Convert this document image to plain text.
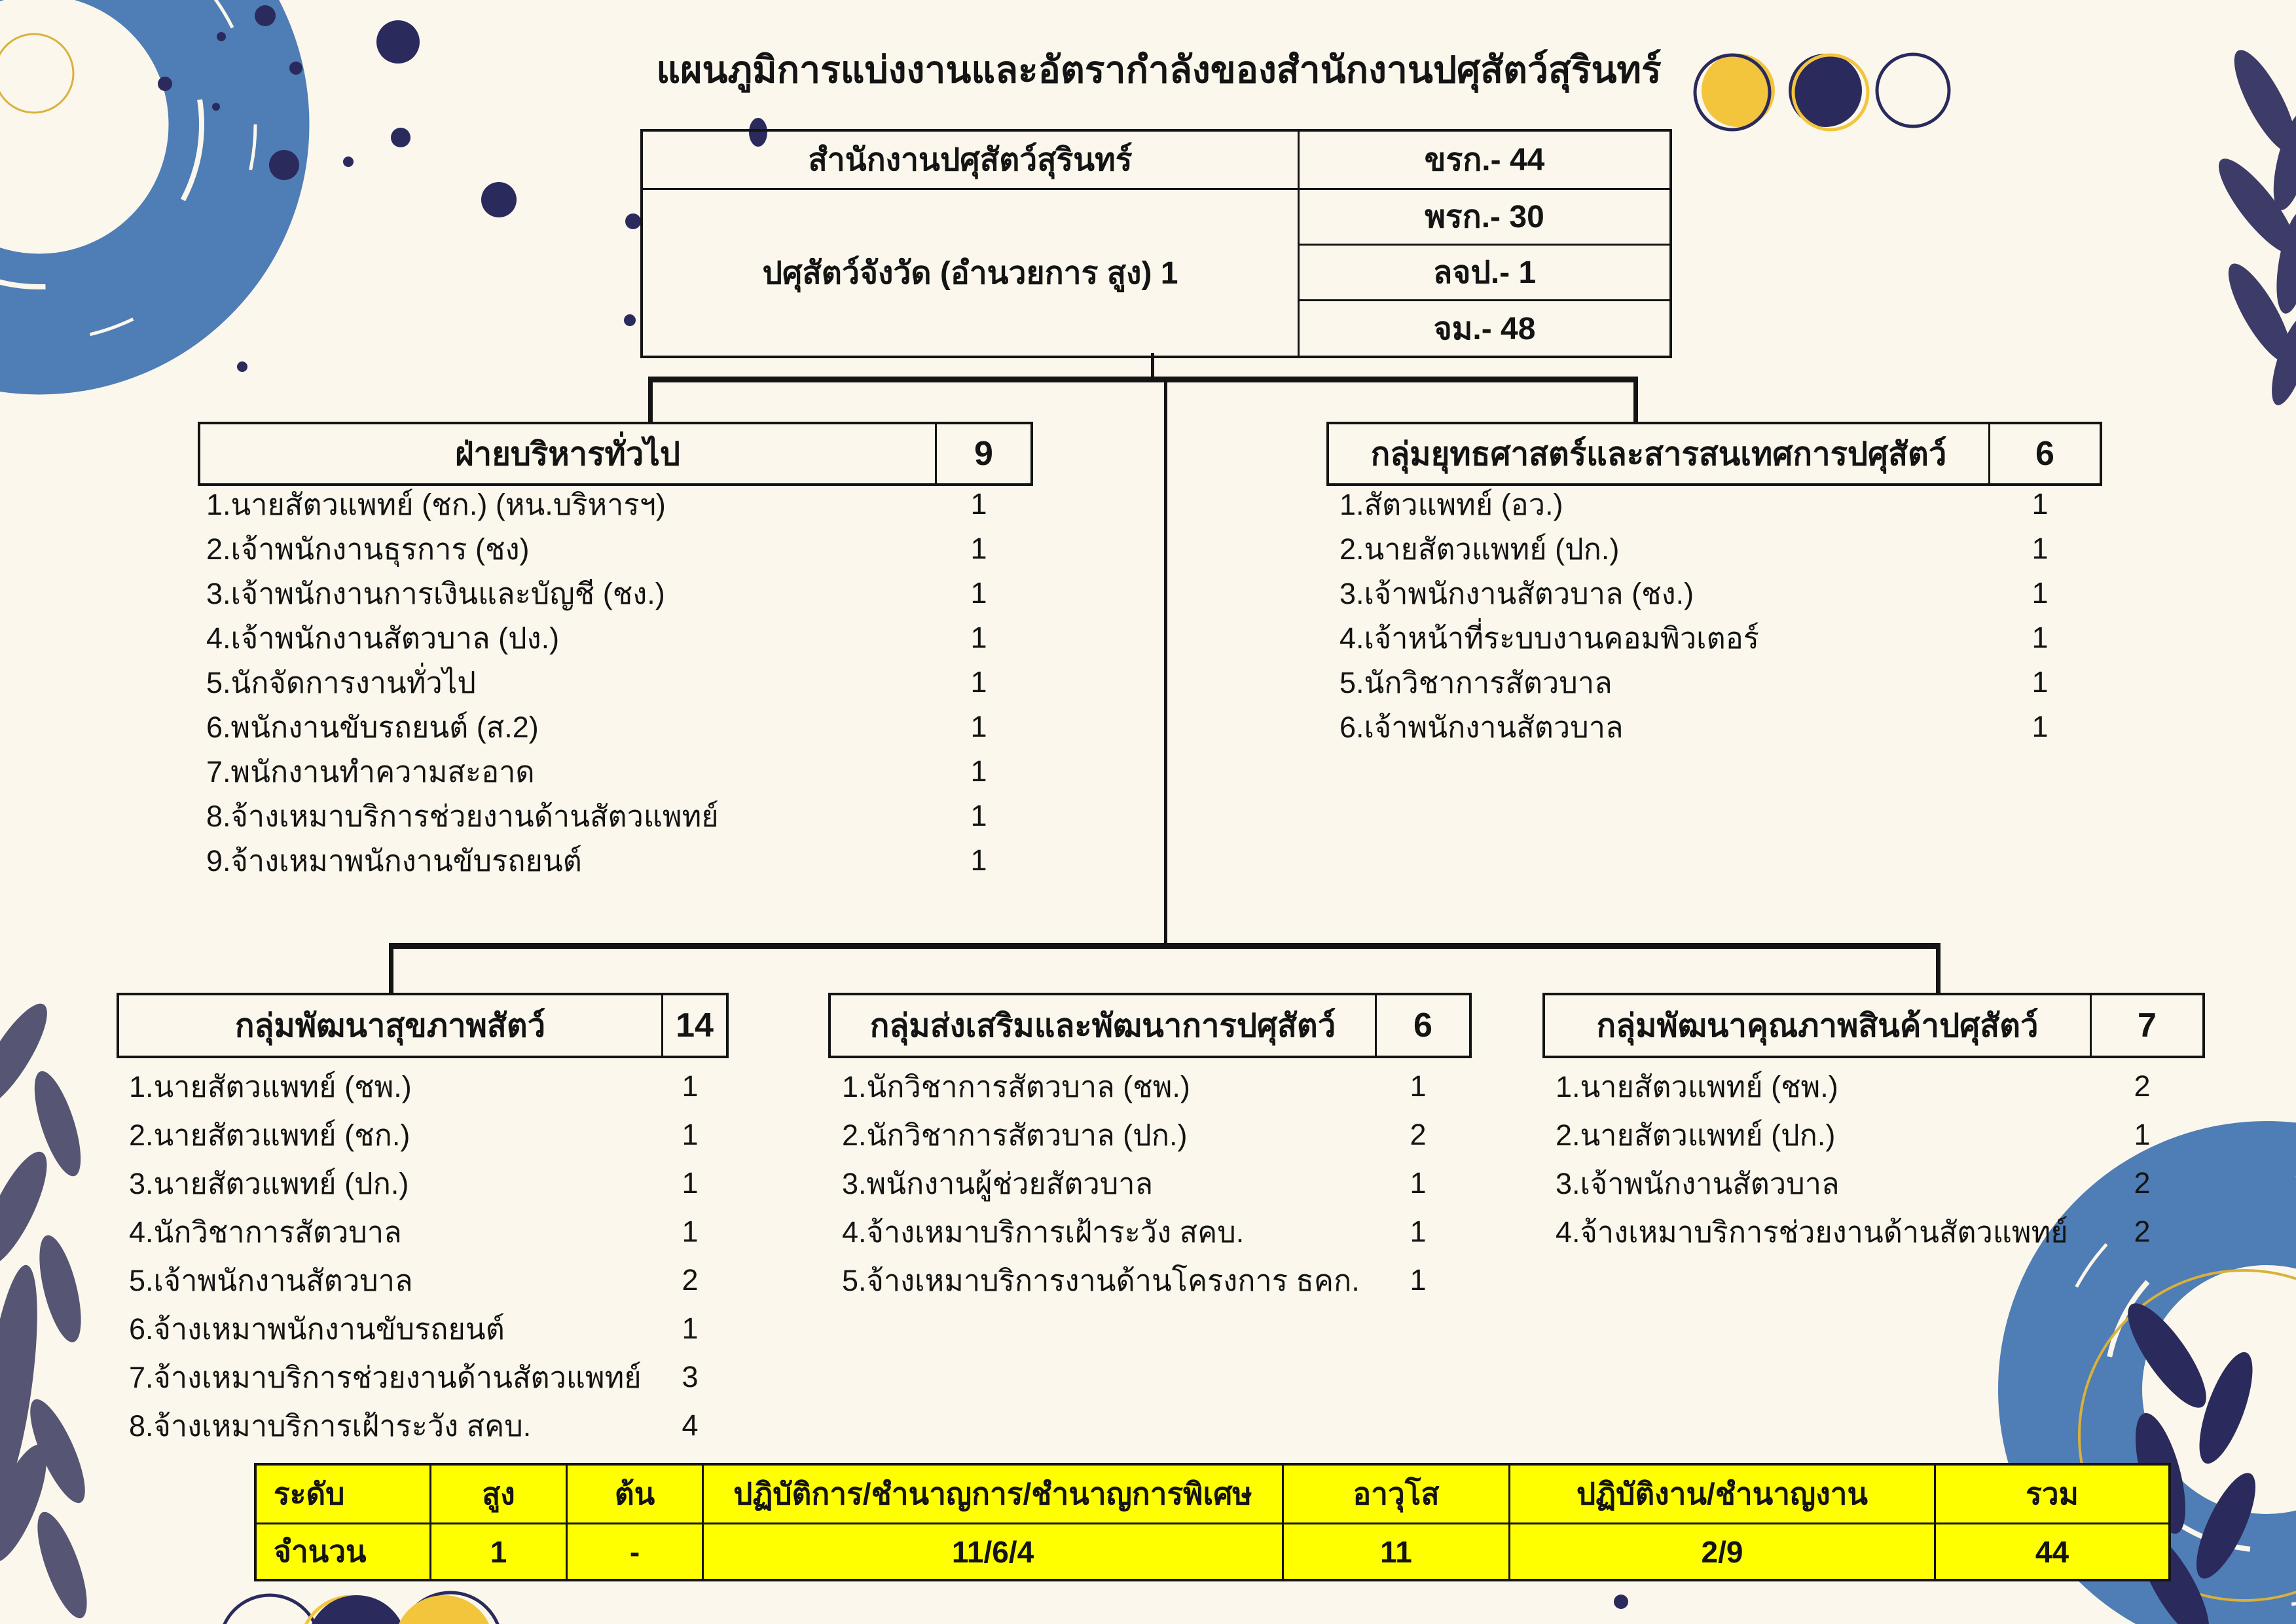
แผนภูมิการแบ่งงานและอัตรากำลังของสำนักงานปศุสัตว์สุรินทร์
สำนักงานปศุสัตว์สุรินทร์	ขรก.- 44
ปศุสัตว์จังวัด (อำนวยการ สูง) 1
พรก.- 30
ลจป.- 1
จม.- 48
ฝ่ายบริหารทั่วไป	9
1.นายสัตวแพทย์ (ชก.) (หน.บริหารฯ)	1
2.เจ้าพนักงานธุรการ (ชง)	1
3.เจ้าพนักงานการเงินและบัญชี (ชง.)	1
4.เจ้าพนักงานสัตวบาล (ปง.)	1
5.นักจัดการงานทั่วไป	1
6.พนักงานขับรถยนต์ (ส.2)	1
7.พนักงานทำความสะอาด	1
8.จ้างเหมาบริการช่วยงานด้านสัตวแพทย์	1
9.จ้างเหมาพนักงานขับรถยนต์	1
กลุ่มยุทธศาสตร์และสารสนเทศการปศุสัตว์	6
1.สัตวแพทย์ (อว.)	1
2.นายสัตวแพทย์ (ปก.)	1
3.เจ้าพนักงานสัตวบาล (ชง.)	1
4.เจ้าหน้าที่ระบบงานคอมพิวเตอร์	1
5.นักวิชาการสัตวบาล	1
6.เจ้าพนักงานสัตวบาล	1
กลุ่มพัฒนาสุขภาพสัตว์	14
1.นายสัตวแพทย์ (ชพ.)	1
2.นายสัตวแพทย์ (ชก.)	1
3.นายสัตวแพทย์ (ปก.)	1
4.นักวิชาการสัตวบาล	1
5.เจ้าพนักงานสัตวบาล	2
6.จ้างเหมาพนักงานขับรถยนต์	1
7.จ้างเหมาบริการช่วยงานด้านสัตวแพทย์	3
8.จ้างเหมาบริการเฝ้าระวัง สคบ.	4
กลุ่มส่งเสริมและพัฒนาการปศุสัตว์	6
1.นักวิชาการสัตวบาล (ชพ.)	1
2.นักวิชาการสัตวบาล (ปก.)	2
3.พนักงานผู้ช่วยสัตวบาล	1
4.จ้างเหมาบริการเฝ้าระวัง สคบ.	1
5.จ้างเหมาบริการงานด้านโครงการ ธคก.	1
กลุ่มพัฒนาคุณภาพสินค้าปศุสัตว์	7
1.นายสัตวแพทย์ (ชพ.)	2
2.นายสัตวแพทย์ (ปก.)	1
3.เจ้าพนักงานสัตวบาล	2
4.จ้างเหมาบริการช่วยงานด้านสัตวแพทย์	2
ระดับ	สูง	ต้น	ปฏิบัติการ/ชำนาญการ/ชำนาญการพิเศษ	อาวุโส	ปฏิบัติงาน/ชำนาญงาน	รวม
จำนวน	1	-	11/6/4	11	2/9	44
